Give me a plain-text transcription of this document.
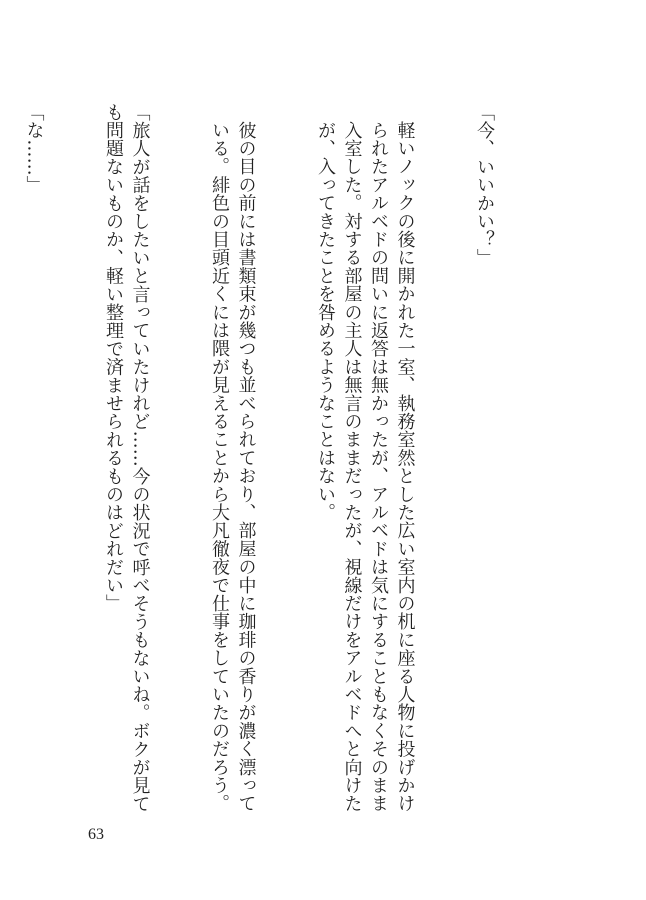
「今、いいかい？」

軽いノックの後に開かれた一室、執務室然とした広い室内の机に座る人物に投げかけられたアルベドの問いに返答は無かったが、アルベドは気にすることもなくそのまま入室した。対する部屋の主人は無言のままだったが、視線だけをアルベドへと向けたが、入ってきたことを咎めるようなことはない。

彼の目の前には書類束が幾つも並べられており、部屋の中に珈琲の香りが濃く漂っている。緋色の目頭近くには隈が見えることから大凡徹夜で仕事をしていたのだろう。

「旅人が話をしたいと言っていたけれど……今の状況で呼べそうもないね。ボクが見ても問題ないものか、軽い整理で済ませられるものはどれだい」

「な……」

63
